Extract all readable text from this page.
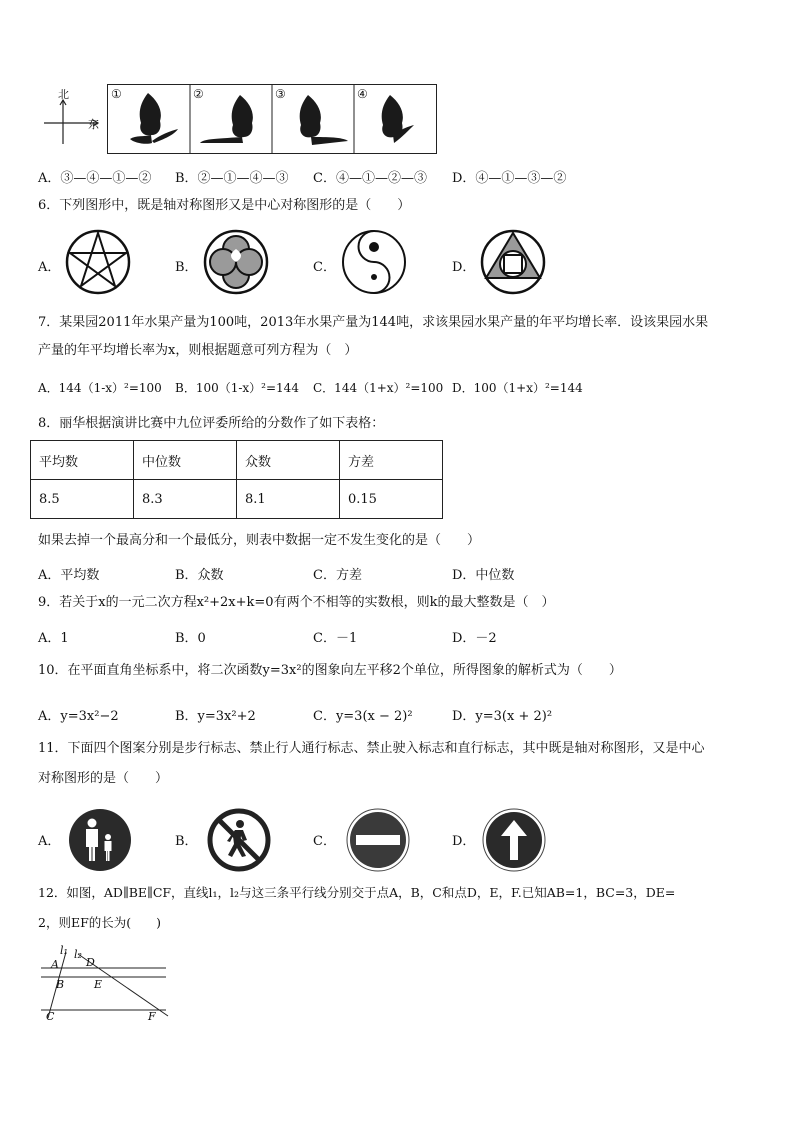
北
东
①	②	③	④
A．③—④—①—② B．②—①—④—③ C．④—①—②—③ D．④—①—③—②
6．下列图形中，既是轴对称图形又是中心对称图形的是（　　）
A．	B．	C．	D．
7．某果园2011年水果产量为100吨，2013年水果产量为144吨，求该果园水果产量的年平均增长率．设该果园水果
产量的年平均增长率为x，则根据题意可列方程为（　）
A．144（1-x）²=100 B．100（1-x）²=144 C．144（1+x）²=100 D．100（1+x）²=144
8．丽华根据演讲比赛中九位评委所给的分数作了如下表格：
平均数	中位数	众数	方差
8.5	8.3	8.1	0.15
如果去掉一个最高分和一个最低分，则表中数据一定不发生变化的是（　　）
A．平均数	B．众数	C．方差	D．中位数
9．若关于x的一元二次方程x²+2x+k=0有两个不相等的实数根，则k的最大整数是（　）
A．1	B．0	C．－1	D．－2
10．在平面直角坐标系中，将二次函数y=3x²的图象向左平移2个单位，所得图象的解析式为（　　）
A．y=3x²−2	B．y=3x²+2	C．y=3(x − 2)²	D．y=3(x + 2)²
11．下面四个图案分别是步行标志、禁止行人通行标志、禁止驶入标志和直行标志，其中既是轴对称图形，又是中心
对称图形的是（　　）
A．	B．	C．	D．
12．如图，AD∥BE∥CF，直线l₁，l₂与这三条平行线分别交于点A，B，C和点D，E，F.已知AB=1，BC=3，DE=
2，则EF的长为(　　)
l₁ l₂
A D
B	E
C	F
